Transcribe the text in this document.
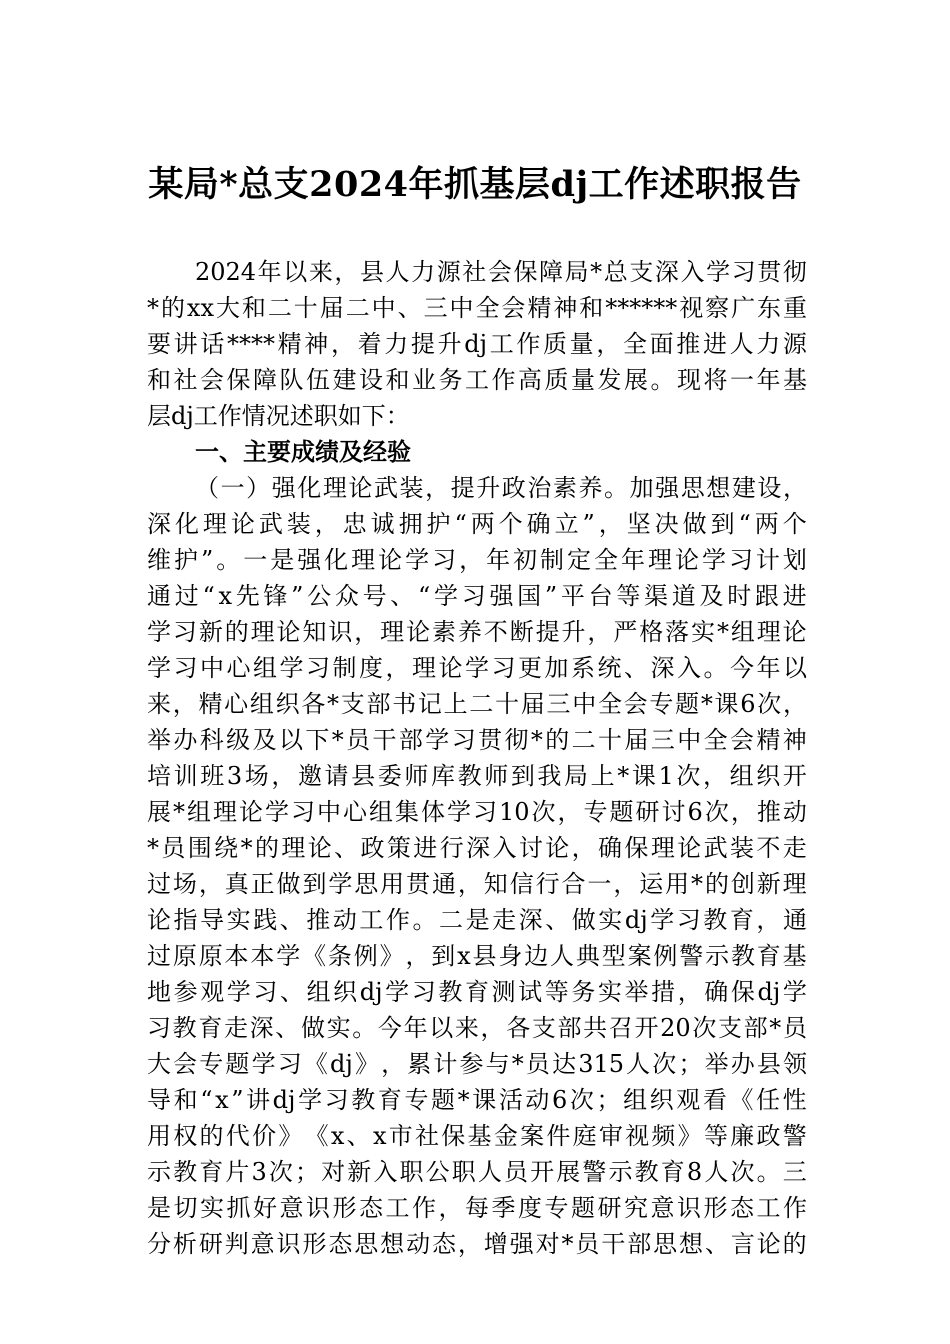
某局*总支2024年抓基层dj工作述职报告
2024 年 以 来 ， 县 人 力 源 社 会 保 障 局 * 总 支 深 入 学 习 贯 彻
* 的 xx 大 和 二 十 届 二 中 、 三 中 全 会 精 神 和 ****** 视 察 广 东 重
要 讲 话 **** 精 神 ， 着 力 提 升 dj 工 作 质 量 ， 全 面 推 进 人 力 源
和 社 会 保 障 队 伍 建 设 和 业 务 工 作 高 质 量 发 展 。 现 将 一 年 基
层dj工作情况述职如下：
一、主要成绩及经验
（ 一 ） 强 化 理 论 武 装 ， 提 升 政 治 素 养 。 加 强 思 想 建 设 ，
深 化 理 论 武 装 ， 忠 诚 拥 护 “ 两 个 确 立 ” ， 坚 决 做 到 “ 两 个
维 护 ” 。 一 是 强 化 理 论 学 习 ， 年 初 制 定 全 年 理 论 学 习 计 划
通 过 “ x 先 锋 ” 公 众 号 、 “ 学 习 强 国 ” 平 台 等 渠 道 及 时 跟 进
学 习 新 的 理 论 知 识 ， 理 论 素 养 不 断 提 升 ， 严 格 落 实 * 组 理 论
学 习 中 心 组 学 习 制 度 ， 理 论 学 习 更 加 系 统 、 深 入 。 今 年 以
来 ， 精 心 组 织 各 * 支 部 书 记 上 二 十 届 三 中 全 会 专 题 * 课 6 次 ，
举 办 科 级 及 以 下 * 员 干 部 学 习 贯 彻 * 的 二 十 届 三 中 全 会 精 神
培 训 班 3 场 ， 邀 请 县 委 师 库 教 师 到 我 局 上 * 课 1 次 ， 组 织 开
展 * 组 理 论 学 习 中 心 组 集 体 学 习 10 次 ， 专 题 研 讨 6 次 ， 推 动
* 员 围 绕 * 的 理 论 、 政 策 进 行 深 入 讨 论 ， 确 保 理 论 武 装 不 走
过 场 ， 真 正 做 到 学 思 用 贯 通 ， 知 信 行 合 一 ， 运 用 * 的 创 新 理
论 指 导 实 践 、 推 动 工 作 。 二 是 走 深 、 做 实 dj 学 习 教 育 ， 通
过 原 原 本 本 学 《 条 例 》 ， 到 x 县 身 边 人 典 型 案 例 警 示 教 育 基
地 参 观 学 习 、 组 织 dj 学 习 教 育 测 试 等 务 实 举 措 ， 确 保 dj 学
习 教 育 走 深 、 做 实 。 今 年 以 来 ， 各 支 部 共 召 开 20 次 支 部 * 员
大 会 专 题 学 习 《 dj 》 ， 累 计 参 与 * 员 达 315 人 次 ； 举 办 县 领
导 和 “ x ” 讲 dj 学 习 教 育 专 题 * 课 活 动 6 次 ； 组 织 观 看 《 任 性
用 权 的 代 价 》 《 x 、 x 市 社 保 基 金 案 件 庭 审 视 频 》 等 廉 政 警
示 教 育 片 3 次 ； 对 新 入 职 公 职 人 员 开 展 警 示 教 育 8 人 次 。 三
是 切 实 抓 好 意 识 形 态 工 作 ， 每 季 度 专 题 研 究 意 识 形 态 工 作
分 析 研 判 意 识 形 态 思 想 动 态 ， 增 强 对 * 员 干 部 思 想 、 言 论 的
